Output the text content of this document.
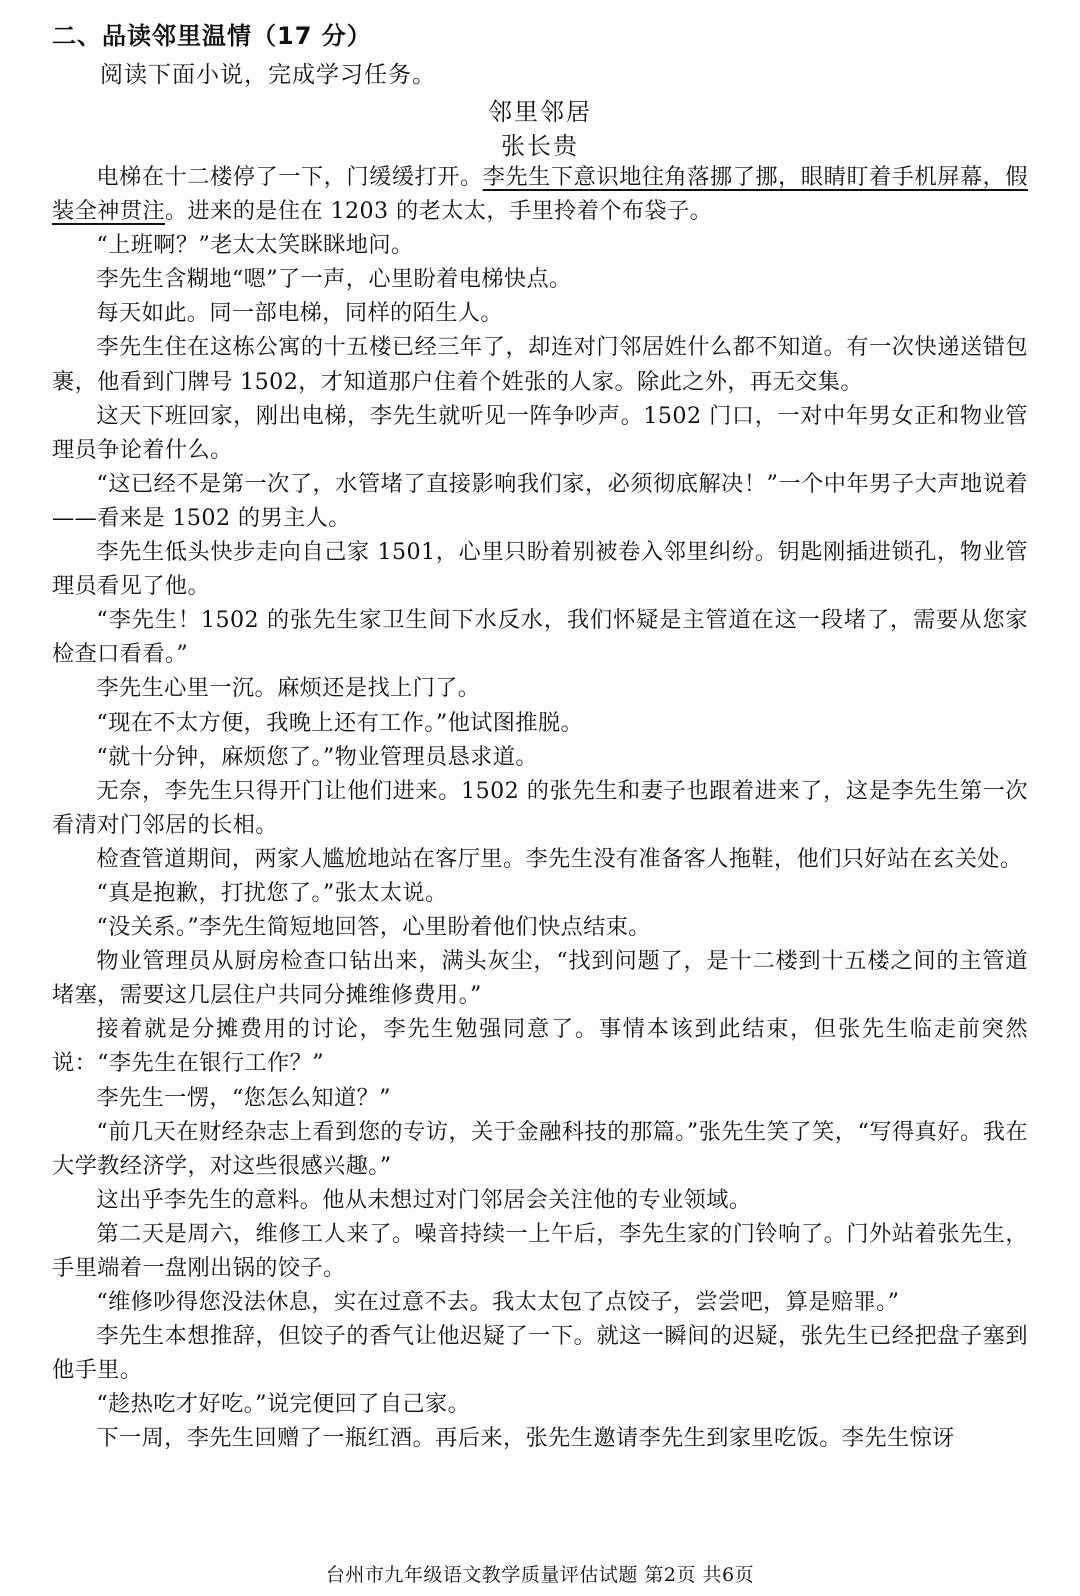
二、品读邻里温情（17 分）
阅读下面小说，完成学习任务。
邻里邻居
张长贵

电梯在十二楼停了一下，门缓缓打开。李先生下意识地往角落挪了挪，眼睛盯着手机屏幕，假装全神贯注。进来的是住在 1203 的老太太，手里拎着个布袋子。

“上班啊？”老太太笑眯眯地问。

李先生含糊地“嗯”了一声，心里盼着电梯快点。

每天如此。同一部电梯，同样的陌生人。

李先生住在这栋公寓的十五楼已经三年了，却连对门邻居姓什么都不知道。有一次快递送错包裹，他看到门牌号 1502，才知道那户住着个姓张的人家。除此之外，再无交集。

这天下班回家，刚出电梯，李先生就听见一阵争吵声。1502 门口，一对中年男女正和物业管理员争论着什么。

“这已经不是第一次了，水管堵了直接影响我们家，必须彻底解决！”一个中年男子大声地说着——看来是 1502 的男主人。

李先生低头快步走向自己家 1501，心里只盼着别被卷入邻里纠纷。钥匙刚插进锁孔，物业管理员看见了他。

“李先生！1502 的张先生家卫生间下水反水，我们怀疑是主管道在这一段堵了，需要从您家检查口看看。”

李先生心里一沉。麻烦还是找上门了。

“现在不太方便，我晚上还有工作。”他试图推脱。

“就十分钟，麻烦您了。”物业管理员恳求道。

无奈，李先生只得开门让他们进来。1502 的张先生和妻子也跟着进来了，这是李先生第一次看清对门邻居的长相。

检查管道期间，两家人尴尬地站在客厅里。李先生没有准备客人拖鞋，他们只好站在玄关处。

“真是抱歉，打扰您了。”张太太说。

“没关系。”李先生简短地回答，心里盼着他们快点结束。

物业管理员从厨房检查口钻出来，满头灰尘，“找到问题了，是十二楼到十五楼之间的主管道堵塞，需要这几层住户共同分摊维修费用。”

接着就是分摊费用的讨论，李先生勉强同意了。事情本该到此结束，但张先生临走前突然说：“李先生在银行工作？”

李先生一愣，“您怎么知道？”

“前几天在财经杂志上看到您的专访，关于金融科技的那篇。”张先生笑了笑，“写得真好。我在大学教经济学，对这些很感兴趣。”

这出乎李先生的意料。他从未想过对门邻居会关注他的专业领域。

第二天是周六，维修工人来了。噪音持续一上午后，李先生家的门铃响了。门外站着张先生，手里端着一盘刚出锅的饺子。

“维修吵得您没法休息，实在过意不去。我太太包了点饺子，尝尝吧，算是赔罪。”

李先生本想推辞，但饺子的香气让他迟疑了一下。就这一瞬间的迟疑，张先生已经把盘子塞到他手里。

“趁热吃才好吃。”说完便回了自己家。

下一周，李先生回赠了一瓶红酒。再后来，张先生邀请李先生到家里吃饭。李先生惊讶

台州市九年级语文教学质量评估试题 第2页 共6页
